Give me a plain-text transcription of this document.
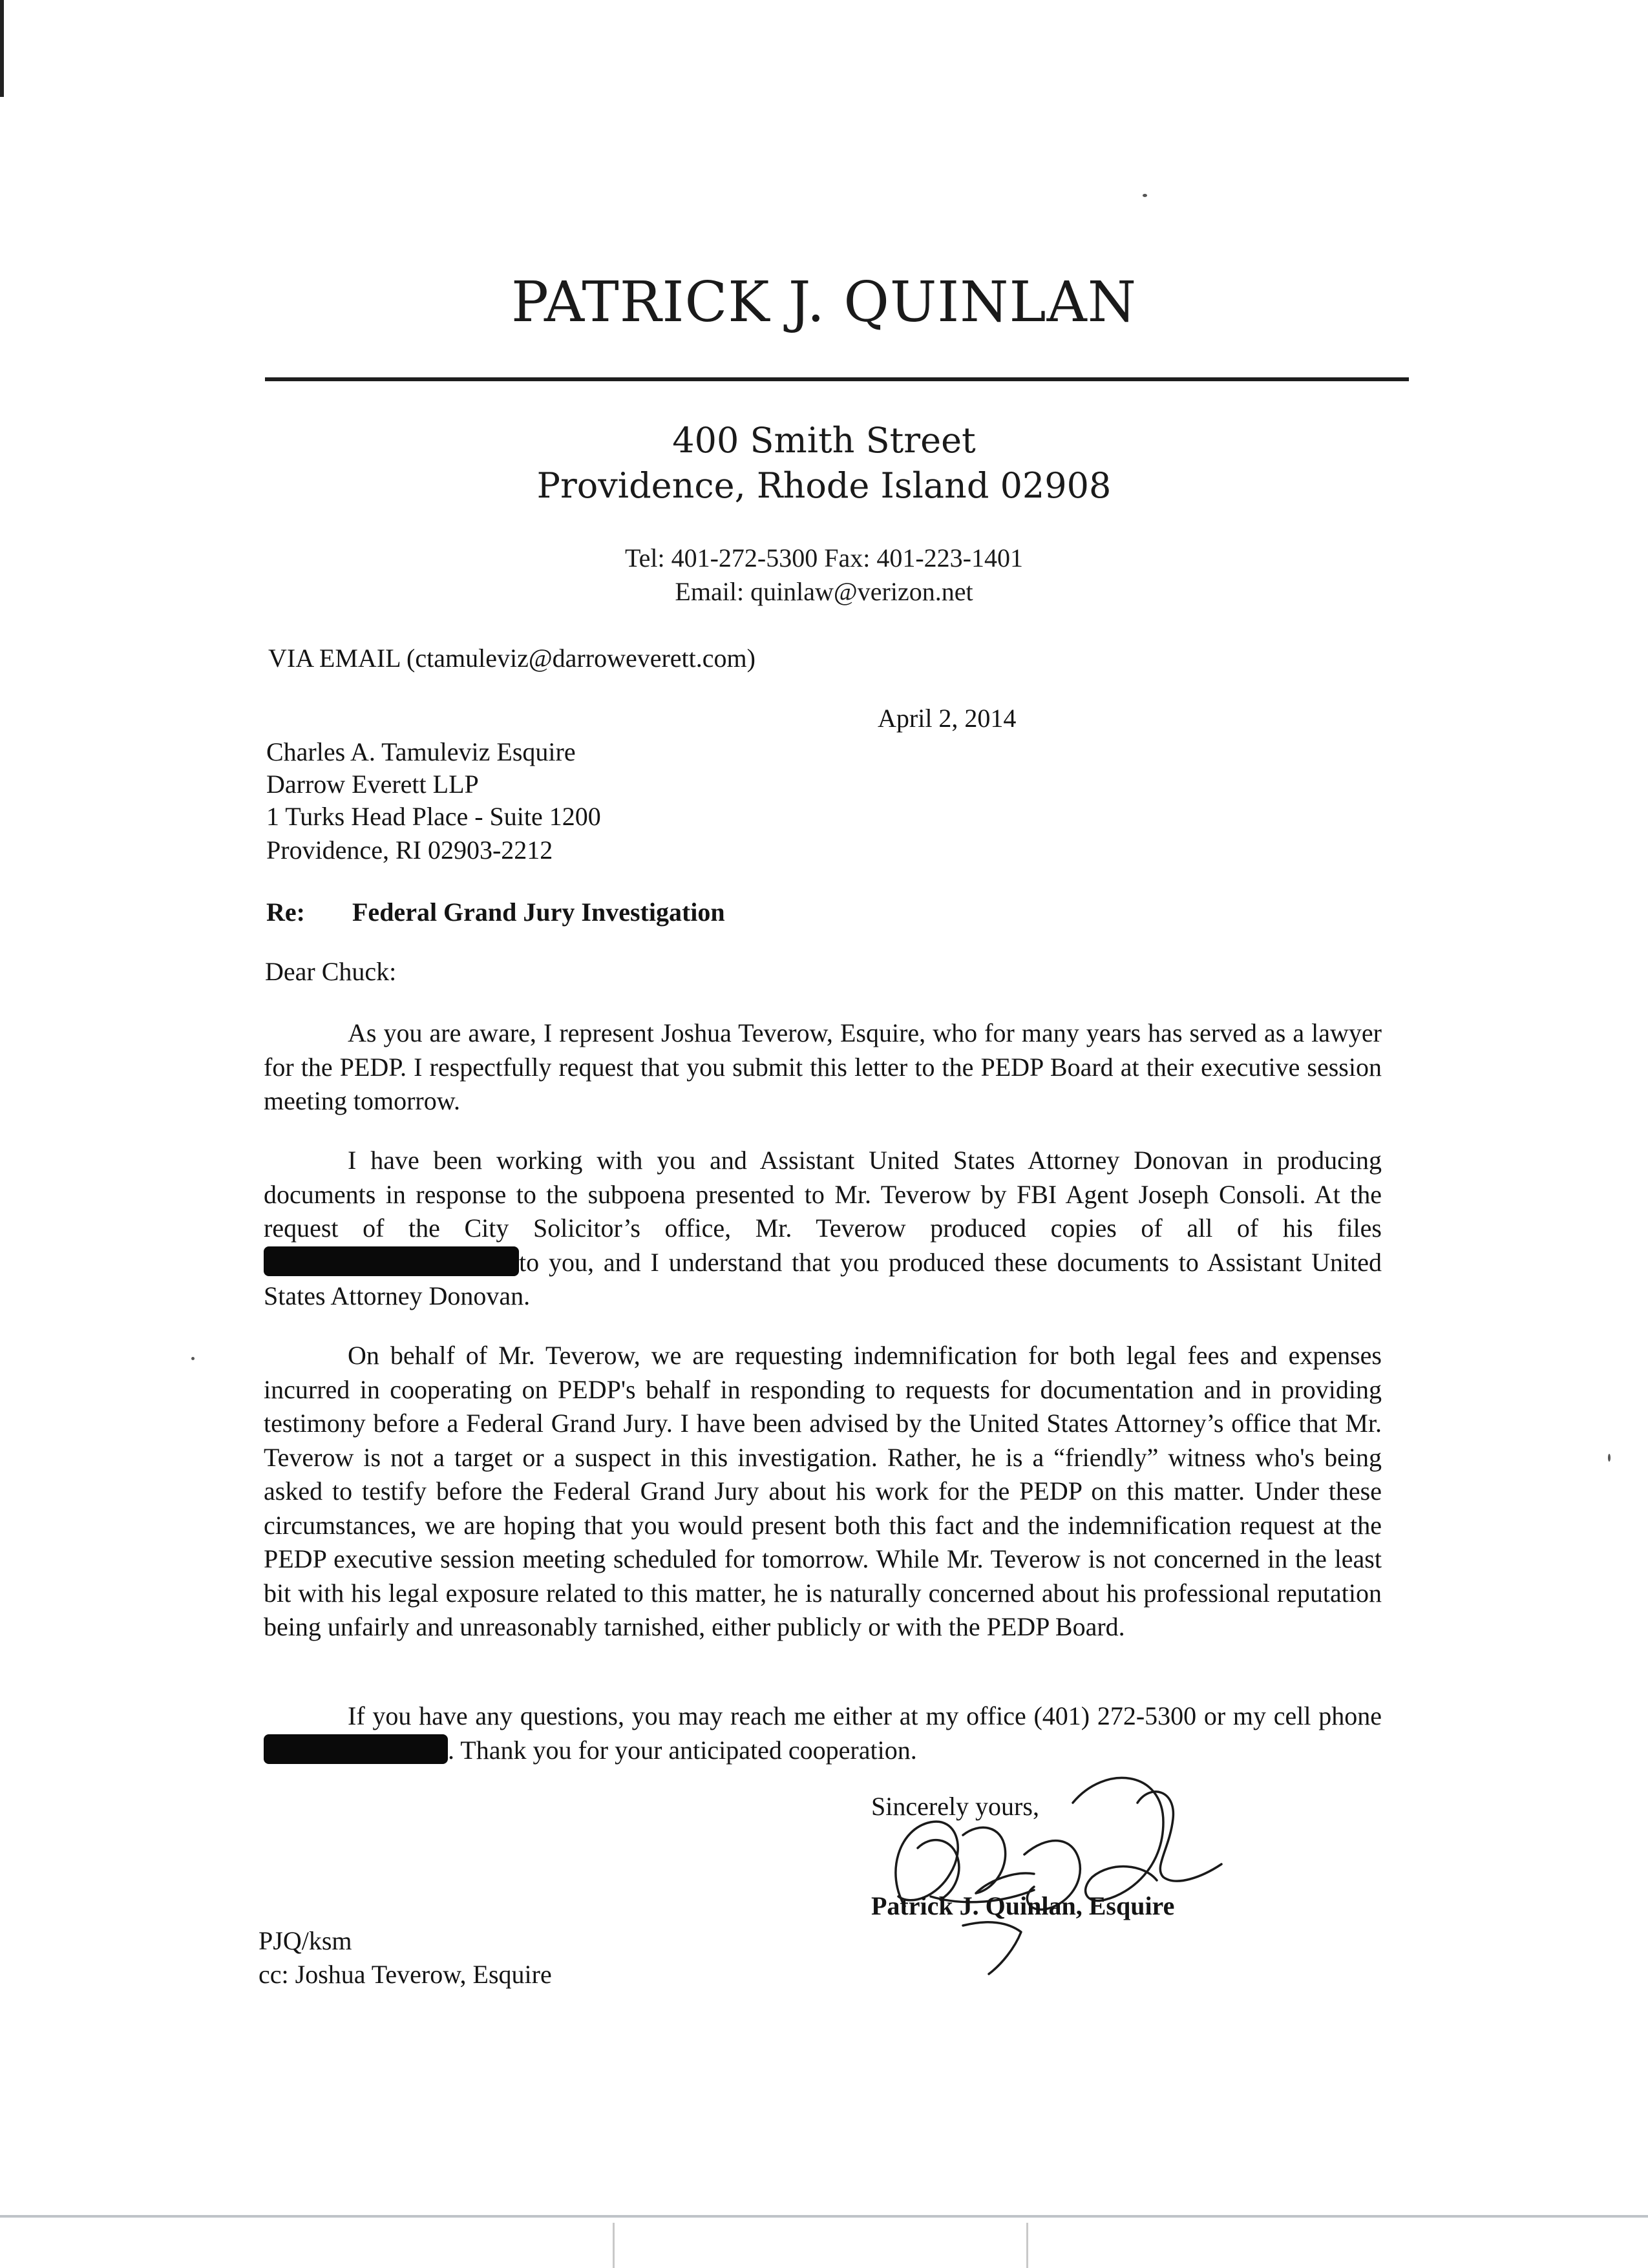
PATRICK J. QUINLAN
400 Smith Street
Providence, Rhode Island 02908
Tel: 401-272-5300 Fax: 401-223-1401
Email: quinlaw@verizon.net
VIA EMAIL (ctamuleviz@darroweverett.com)
April 2, 2014
Charles A. Tamuleviz Esquire
Darrow Everett LLP
1 Turks Head Place - Suite 1200
Providence, RI 02903-2212
Re: Federal Grand Jury Investigation
Dear Chuck:

As you are aware, I represent Joshua Teverow, Esquire, who for many years has served as a lawyer for the PEDP. I respectfully request that you submit this letter to the PEDP Board at their executive session meeting tomorrow.

I have been working with you and Assistant United States Attorney Donovan in producing documents in response to the subpoena presented to Mr. Teverow by FBI Agent Joseph Consoli. At the request of the City Solicitor’s office, Mr. Teverow produced copies of all of his filesto you, and I understand that you produced these documents to Assistant United States Attorney Donovan.

On behalf of Mr. Teverow, we are requesting indemnification for both legal fees and expenses incurred in cooperating on PEDP's behalf in responding to requests for documentation and in providing testimony before a Federal Grand Jury. I have been advised by the United States Attorney’s office that Mr. Teverow is not a target or a suspect in this investigation. Rather, he is a “friendly” witness who's being asked to testify before the Federal Grand Jury about his work for the PEDP on this matter. Under these circumstances, we are hoping that you would present both this fact and the indemnification request at the PEDP executive session meeting scheduled for tomorrow. While Mr. Teverow is not concerned in the least bit with his legal exposure related to this matter, he is naturally concerned about his professional reputation being unfairly and unreasonably tarnished, either publicly or with the PEDP Board.

If you have any questions, you may reach me either at my office (401) 272-5300 or my cell phone. Thank you for your anticipated cooperation.

Sincerely yours,
Patrick J. Quinlan, Esquire
PJQ/ksm
cc: Joshua Teverow, Esquire
